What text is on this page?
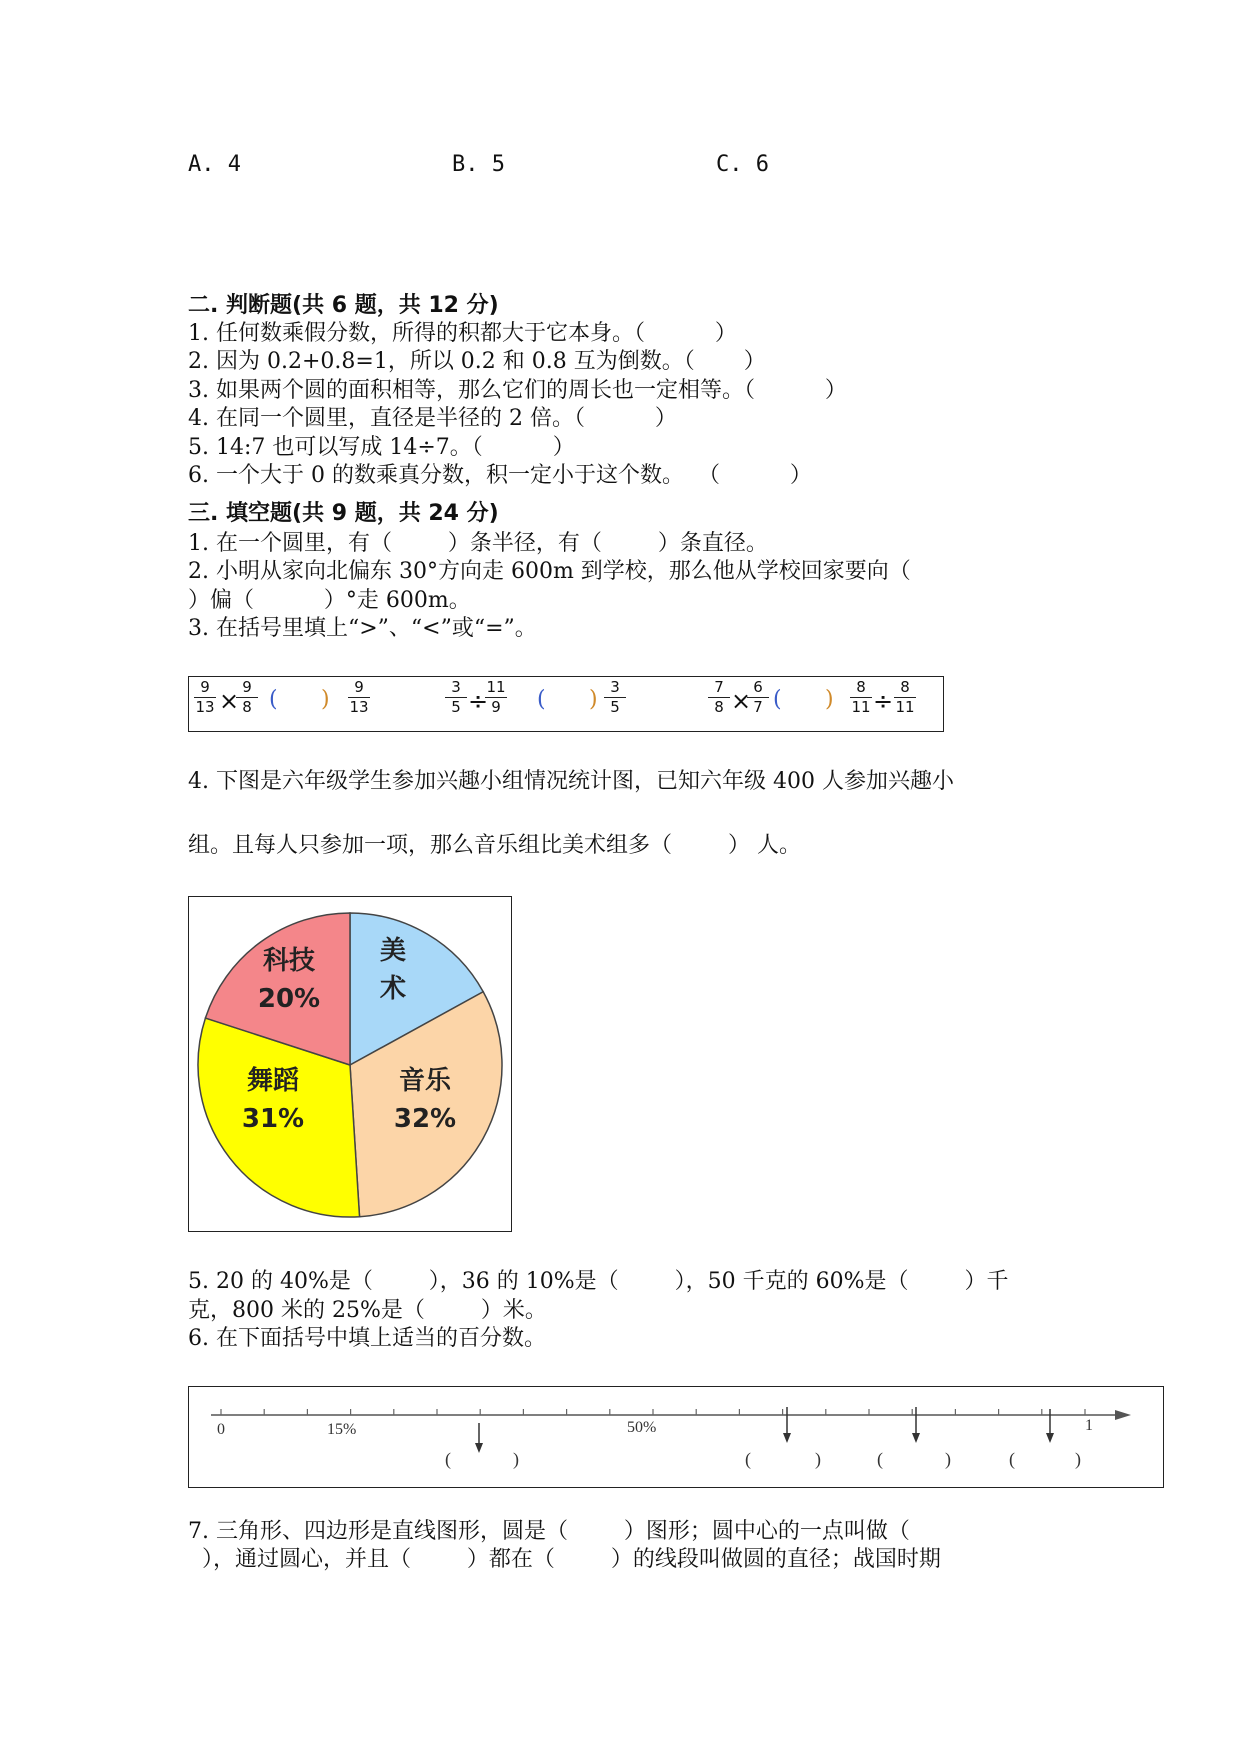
A. 4	B. 5	C. 6
二. 判断题(共 6 题，共 12 分)
1. 任何数乘假分数，所得的积都大于它本身。（          ）
2. 因为 0.2+0.8=1，所以 0.2 和 0.8 互为倒数。（       ）
3. 如果两个圆的面积相等，那么它们的周长也一定相等。（          ）
4. 在同一个圆里，直径是半径的 2 倍。（          ）
5. 14:7 也可以写成 14÷7。（          ）
6. 一个大于 0 的数乘真分数，积一定小于这个数。  （          ）
三. 填空题(共 9 题，共 24 分)
1. 在一个圆里，有（        ）条半径，有（        ）条直径。
2. 小明从家向北偏东 30°方向走 600m 到学校，那么他从学校回家要向（
）偏（          ）°走 600m。
3. 在括号里填上“>”、“<”或“=”。
9
13 × 9
8 ( )	9
13
3
5 ÷
11
9	( ) 3
5
7
8 × 6
7 ( )	8
11 ÷ 8
11
4. 下图是六年级学生参加兴趣小组情况统计图，已知六年级 400 人参加兴趣小
组。且每人只参加一项，那么音乐组比美术组多（        ） 人。
美
术
科技
20%
舞蹈
31%
音乐
32%
5. 20 的 40%是（        ），36 的 10%是（        ），50 千克的 60%是（        ）千
克，800 米的 25%是（        ）米。
6. 在下面括号中填上适当的百分数。
0	15%	50%	1
(	)	(	)	(	)	(	)
7. 三角形、四边形是直线图形，圆是（        ）图形；圆中心的一点叫做（
），通过圆心，并且（        ）都在（        ）的线段叫做圆的直径；战国时期
